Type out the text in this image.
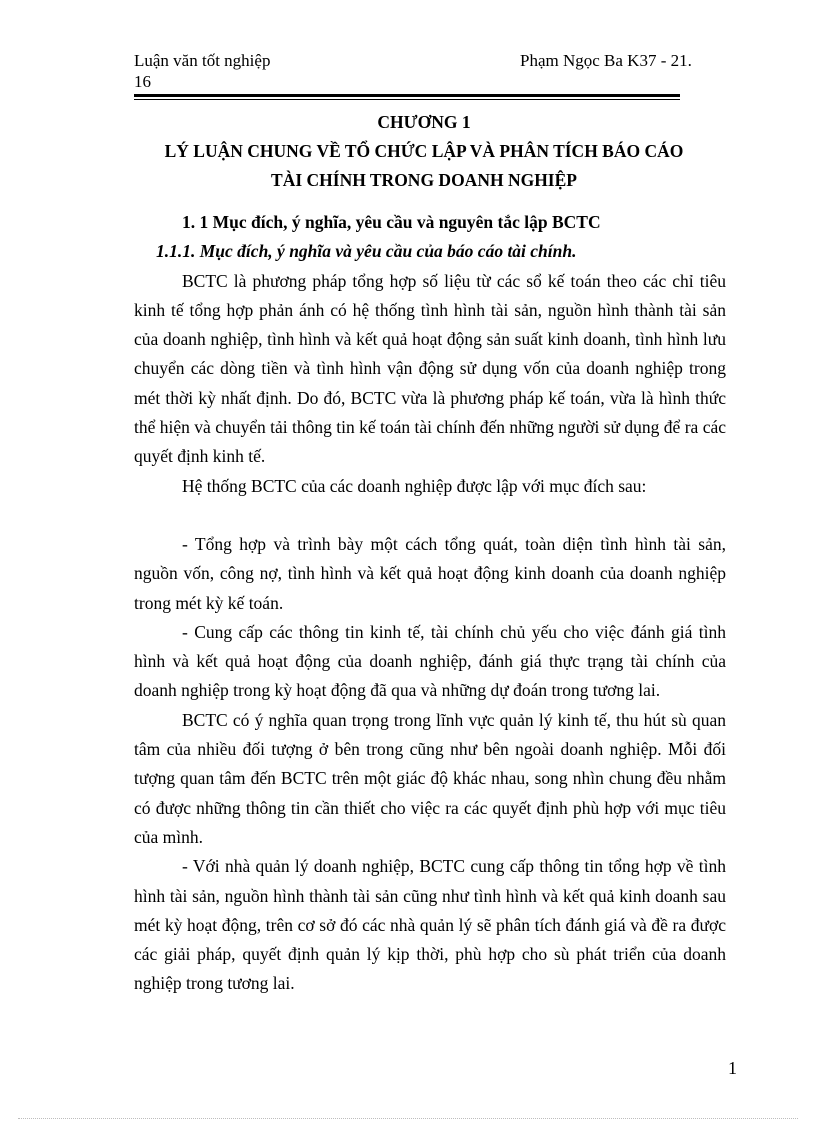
Luận văn tốt nghiệp
16
Phạm Ngọc Ba K37 - 21.
CHƯƠNG 1
LÝ LUẬN CHUNG VỀ TỔ CHỨC LẬP VÀ PHÂN TÍCH BÁO CÁO
TÀI CHÍNH TRONG DOANH NGHIỆP

1. 1 Mục đích, ý nghĩa, yêu cầu và nguyên tắc lập BCTC

1.1.1. Mục đích, ý nghĩa và yêu cầu của báo cáo tài chính.

BCTC là phương pháp tổng hợp số liệu từ các sổ kế toán theo các chỉ tiêu kinh tế tổng hợp phản ánh có hệ thống tình hình tài sản, nguồn hình thành tài sản của doanh nghiệp, tình hình và kết quả hoạt động sản suất kinh doanh, tình hình lưu chuyển các dòng tiền và tình hình vận động sử dụng vốn của doanh nghiệp trong mét thời kỳ nhất định. Do đó, BCTC vừa là phương pháp kế toán, vừa là hình thức thể hiện và chuyển tải thông tin kế toán tài chính đến những người sử dụng để ra các quyết định kinh tế.

Hệ thống BCTC của các doanh nghiệp được lập với mục đích sau:

- Tổng hợp và trình bày một cách tổng quát, toàn diện tình hình tài sản, nguồn vốn, công nợ, tình hình và kết quả hoạt động kinh doanh của doanh nghiệp trong mét kỳ kế toán.

- Cung cấp các thông tin kinh tế, tài chính chủ yếu cho việc đánh giá tình hình và kết quả hoạt động của doanh nghiệp, đánh giá thực trạng tài chính của doanh nghiệp trong kỳ hoạt động đã qua và những dự đoán trong tương lai.

BCTC có ý nghĩa quan trọng trong lĩnh vực quản lý kinh tế, thu hút sù quan tâm của nhiều đối tượng ở bên trong cũng như bên ngoài doanh nghiệp. Mỗi đối tượng quan tâm đến BCTC trên một giác độ khác nhau, song nhìn chung đều nhằm có được những thông tin cần thiết cho việc ra các quyết định phù hợp với mục tiêu của mình.

- Với nhà quản lý doanh nghiệp, BCTC cung cấp thông tin tổng hợp về tình hình tài sản, nguồn hình thành tài sản cũng như tình hình và kết quả kinh doanh sau mét kỳ hoạt động, trên cơ sở đó các nhà quản lý sẽ phân tích đánh giá và đề ra được các giải pháp, quyết định quản lý kịp thời, phù hợp cho sù phát triển của doanh nghiệp trong tương lai.

1
